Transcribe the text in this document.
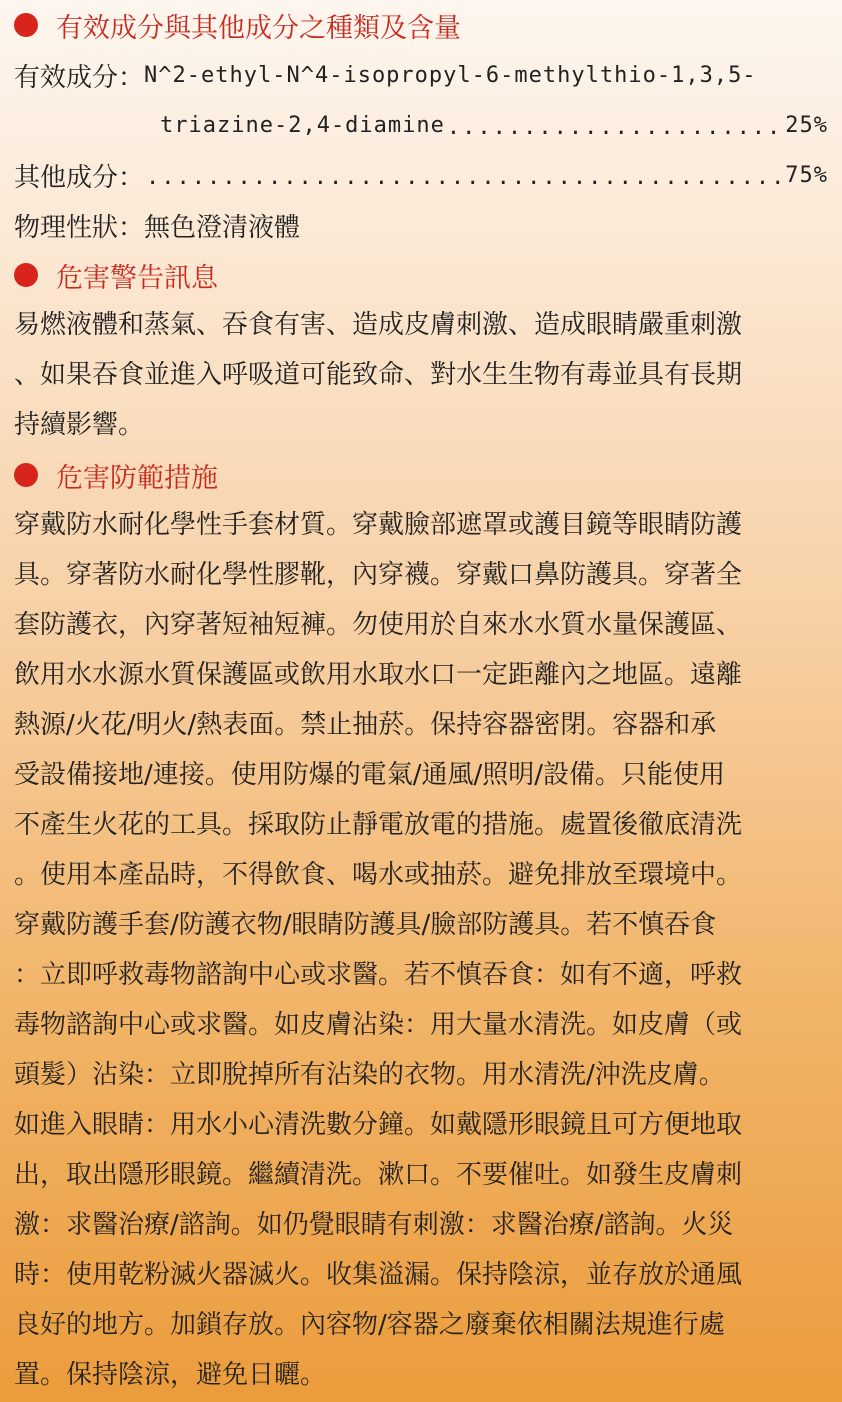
有效成分與其他成分之種類及含量
有效成分： N^2-ethyl-N^4-isopropyl-6-methylthio-1,3,5-
triazine-2,4-diamine .....	25%
其他成分： .....	75%
物理性狀： 無色澄清液體
危害警告訊息
易燃液體和蒸氣、吞食有害、造成皮膚刺激、造成眼睛嚴重刺激
、如果吞食並進入呼吸道可能致命、對水生生物有毒並具有長期
持續影響。
危害防範措施
穿戴防水耐化學性手套材質。穿戴臉部遮罩或護目鏡等眼睛防護
具。穿著防水耐化學性膠靴，內穿襪。穿戴口鼻防護具。穿著全
套防護衣，內穿著短袖短褲。勿使用於自來水水質水量保護區、
飲用水水源水質保護區或飲用水取水口一定距離內之地區。遠離
熱源/火花/明火/熱表面。禁止抽菸。保持容器密閉。容器和承
受設備接地/連接。使用防爆的電氣/通風/照明/設備。只能使用
不產生火花的工具。採取防止靜電放電的措施。處置後徹底清洗
。使用本產品時，不得飲食、喝水或抽菸。避免排放至環境中。
穿戴防護手套/防護衣物/眼睛防護具/臉部防護具。若不慎吞食
：立即呼救毒物諮詢中心或求醫。若不慎吞食：如有不適，呼救
毒物諮詢中心或求醫。如皮膚沾染：用大量水清洗。如皮膚（或
頭髮）沾染：立即脫掉所有沾染的衣物。用水清洗/沖洗皮膚。
如進入眼睛：用水小心清洗數分鐘。如戴隱形眼鏡且可方便地取
出，取出隱形眼鏡。繼續清洗。漱口。不要催吐。如發生皮膚刺
激：求醫治療/諮詢。如仍覺眼睛有刺激：求醫治療/諮詢。火災
時：使用乾粉滅火器滅火。收集溢漏。保持陰涼，並存放於通風
良好的地方。加鎖存放。內容物/容器之廢棄依相關法規進行處
置。保持陰涼，避免日曬。
